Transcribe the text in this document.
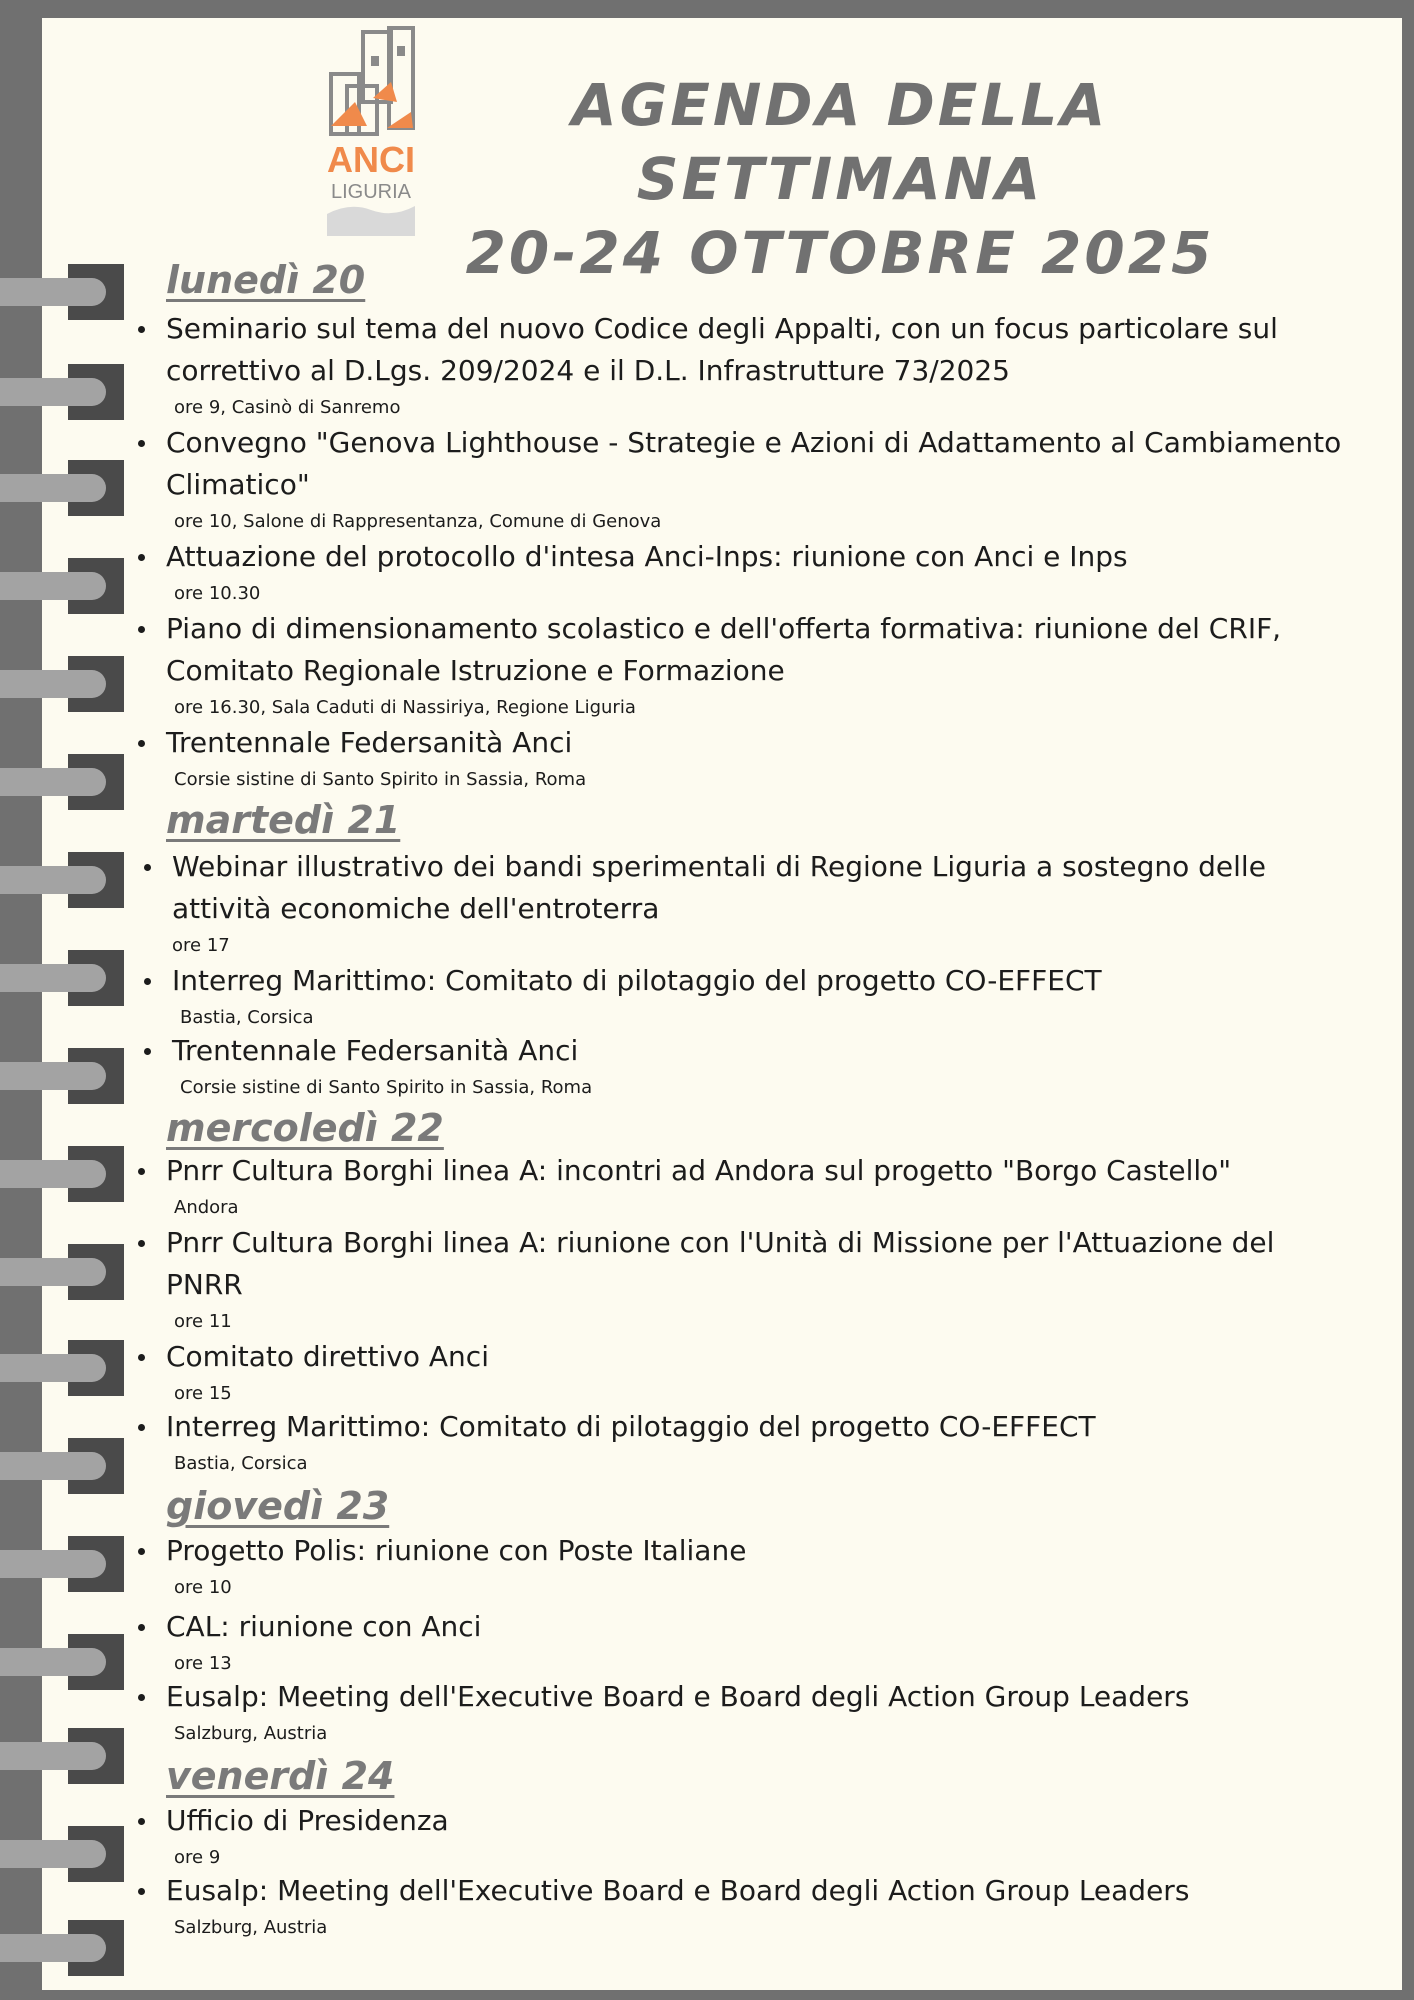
ANCI
LIGURIA
AGENDA DELLA SETTIMANA
20-24 OTTOBRE 2025
lunedì 20
Seminario sul tema del nuovo Codice degli Appalti, con un focus particolare sul correttivo al D.Lgs. 209/2024 e il D.L. Infrastrutture 73/2025
ore 9, Casinò di Sanremo
Convegno "Genova Lighthouse - Strategie e Azioni di Adattamento al Cambiamento Climatico"
ore 10, Salone di Rappresentanza, Comune di Genova
Attuazione del protocollo d'intesa Anci-Inps: riunione con Anci e Inps
ore 10.30
Piano di dimensionamento scolastico e dell'offerta formativa: riunione del CRIF, Comitato Regionale Istruzione e Formazione
ore 16.30, Sala Caduti di Nassiriya, Regione Liguria
Trentennale Federsanità Anci
Corsie sistine di Santo Spirito in Sassia, Roma
martedì 21
Webinar illustrativo dei bandi sperimentali di Regione Liguria a sostegno delle attività economiche dell'entroterra
ore 17
Interreg Marittimo: Comitato di pilotaggio del progetto CO-EFFECT
Bastia, Corsica
Trentennale Federsanità Anci
Corsie sistine di Santo Spirito in Sassia, Roma
mercoledì 22
Pnrr Cultura Borghi linea A: incontri ad Andora sul progetto "Borgo Castello"
Andora
Pnrr Cultura Borghi linea A: riunione con l'Unità di Missione per l'Attuazione del PNRR
ore 11
Comitato direttivo Anci
ore 15
Interreg Marittimo: Comitato di pilotaggio del progetto CO-EFFECT
Bastia, Corsica
giovedì 23
Progetto Polis: riunione con Poste Italiane
ore 10
CAL: riunione con Anci
ore 13
Eusalp: Meeting dell'Executive Board e Board degli Action Group Leaders
Salzburg, Austria
venerdì 24
Ufficio di Presidenza
ore 9
Eusalp: Meeting dell'Executive Board e Board degli Action Group Leaders
Salzburg, Austria
